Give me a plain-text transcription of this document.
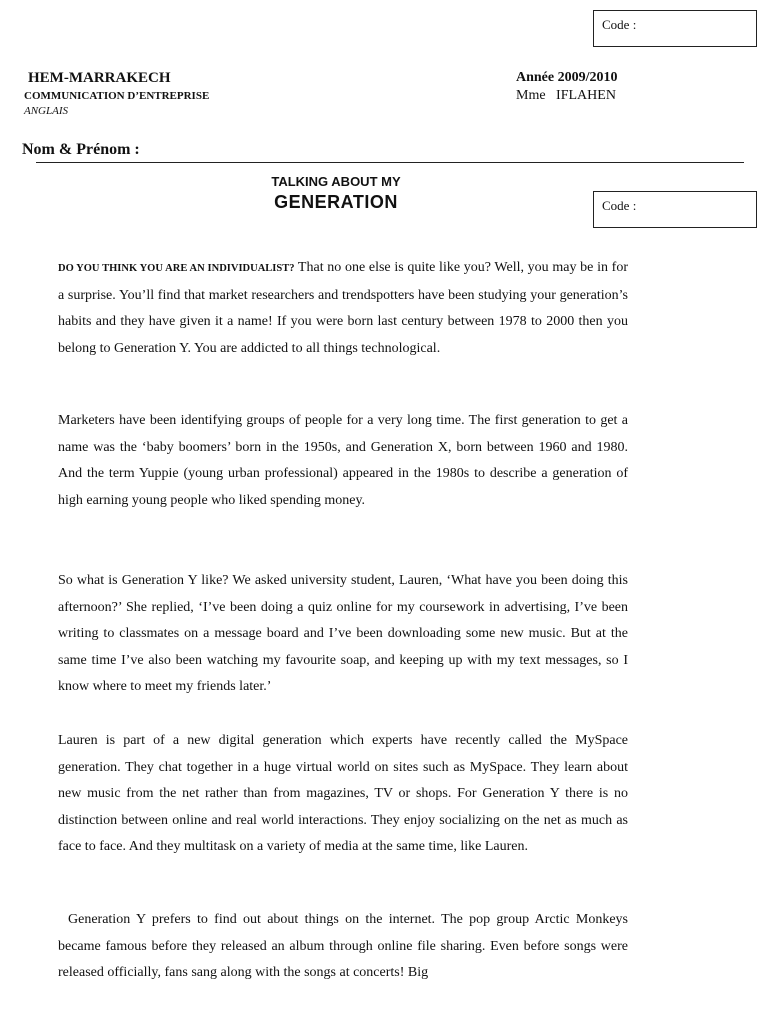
Code :
HEM-MARRAKECH
COMMUNICATION D’ENTREPRISE
ANGLAIS
Année 2009/2010
Mme   IFLAHEN
Nom & Prénom :
TALKING ABOUT MY
GENERATION	Code :

DO YOU THINK YOU ARE AN INDIVIDUALIST? That no one else is quite like you? Well, you may be in for a surprise. You’ll find that market researchers and trendspotters have been studying your generation’s habits and they have given it a name! If you were born last century between 1978 to 2000 then you belong to Generation Y. You are addicted to all things technological.

Marketers have been identifying groups of people for a very long time. The first generation to get a name was the ‘baby boomers’ born in the 1950s, and Generation X, born between 1960 and 1980. And the term Yuppie (young urban professional) appeared in the 1980s to describe a generation of high earning young people who liked spending money.

So what is Generation Y like? We asked university student, Lauren, ‘What have you been doing this afternoon?’ She replied, ‘I’ve been doing a quiz online for my coursework in advertising, I’ve been writing to classmates on a message board and I’ve been downloading some new music. But at the same time I’ve also been watching my favourite soap, and keeping up with my text messages, so I know where to meet my friends later.’

Lauren is part of a new digital generation which experts have recently called the MySpace generation. They chat together in a huge virtual world on sites such as MySpace. They learn about new music from the net rather than from magazines, TV or shops. For Generation Y there is no distinction between online and real world interactions. They enjoy socializing on the net as much as face to face. And they multitask on a variety of media at the same time, like Lauren.

Generation Y prefers to find out about things on the internet. The pop group Arctic Monkeys became famous before they released an album through online file sharing. Even before songs were released officially, fans sang along with the songs at concerts! Big
